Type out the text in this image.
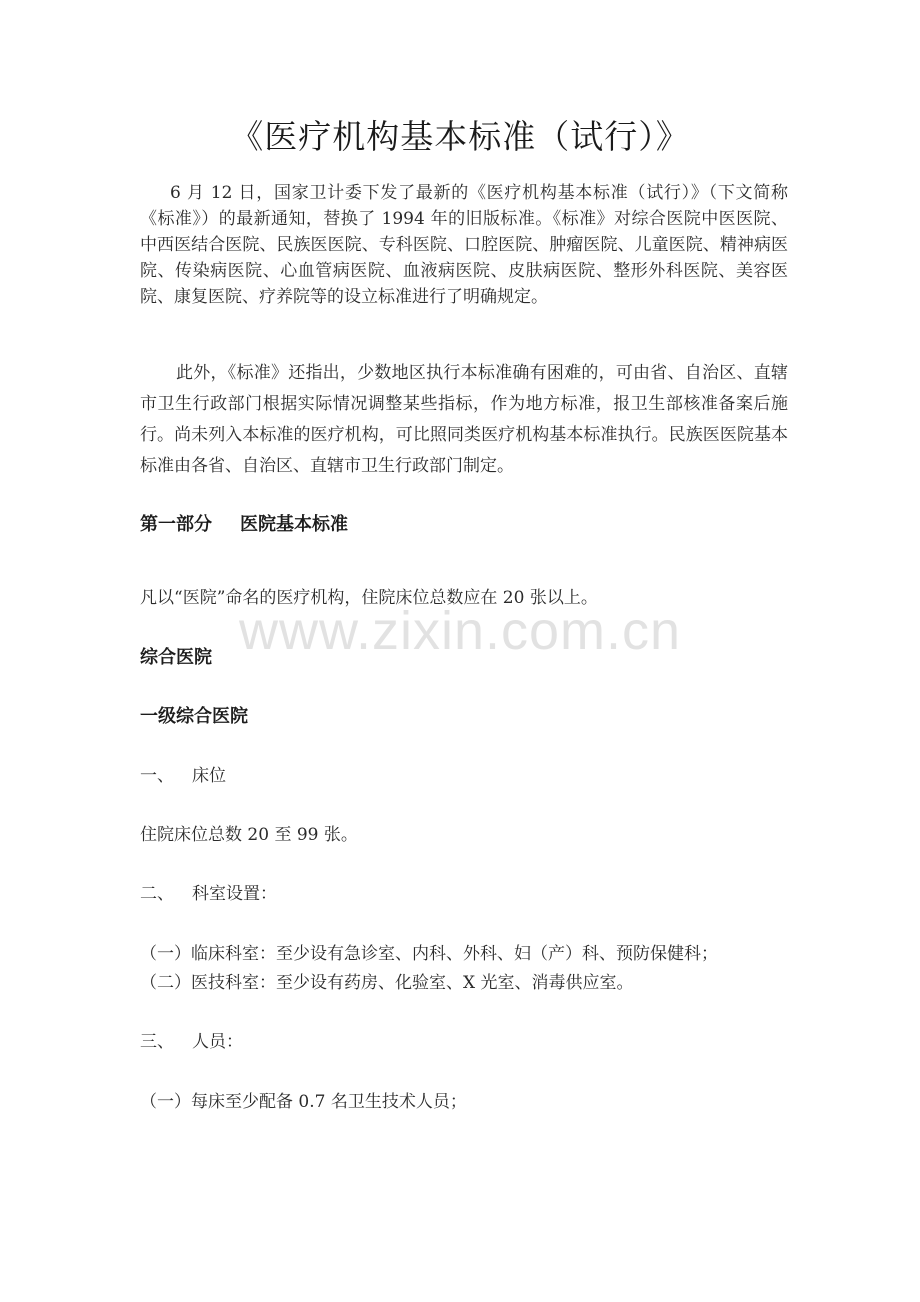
《医疗机构基本标准（试行）》
6 月 12 日，国家卫计委下发了最新的《医疗机构基本标准（试行）》（下文简称《标准》）的最新通知，替换了 1994 年的旧版标准。《标准》对综合医院中医医院、中西医结合医院、民族医医院、专科医院、口腔医院、肿瘤医院、儿童医院、精神病医院、传染病医院、心血管病医院、血液病医院、皮肤病医院、整形外科医院、美容医院、康复医院、疗养院等的设立标准进行了明确规定。
此外，《标准》还指出，少数地区执行本标准确有困难的，可由省、自治区、直辖市卫生行政部门根据实际情况调整某些指标，作为地方标准，报卫生部核准备案后施行。尚未列入本标准的医疗机构，可比照同类医疗机构基本标准执行。民族医医院基本标准由各省、自治区、直辖市卫生行政部门制定。
第一部分 医院基本标准
凡以“医院”命名的医疗机构，住院床位总数应在 20 张以上。
综合医院
一级综合医院
一、 床位
住院床位总数 20 至 99 张。
二、 科室设置：
（一）临床科室：至少设有急诊室、内科、外科、妇（产）科、预防保健科；
（二）医技科室：至少设有药房、化验室、X 光室、消毒供应室。
三、 人员：
（一）每床至少配备 0.7 名卫生技术人员；
www.zixin.com.cn
